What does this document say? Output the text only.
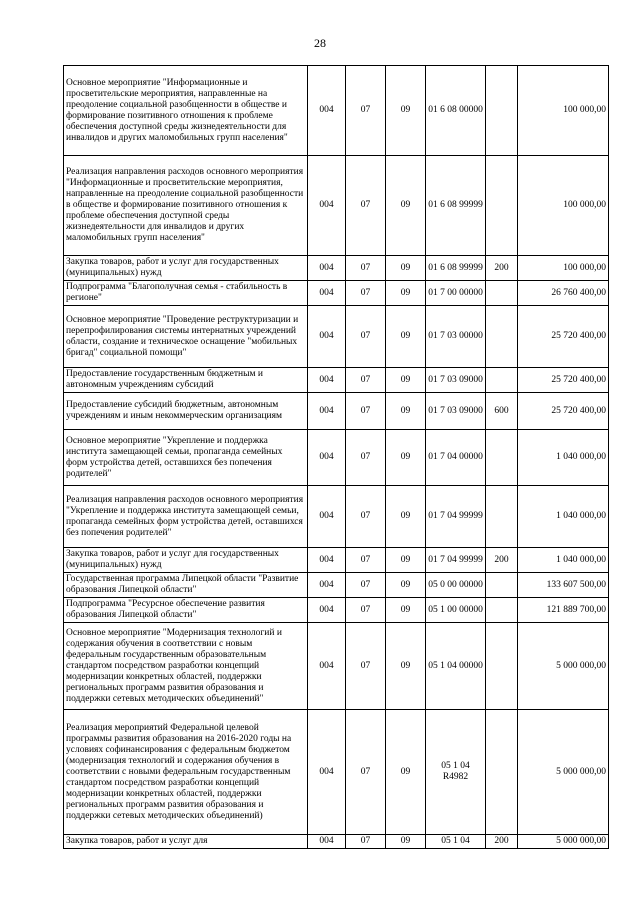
28
Основное мероприятие "Информационные и просветительские мероприятия, направленные на преодоление социальной разобщенности в обществе и формирование позитивного отношения к проблеме обеспечения доступной среды жизнедеятельности для инвалидов и других маломобильных групп населения"	004	07	09	01 6 08 00000		100 000,00
Реализация направления расходов основного мероприятия "Информационные и просветительские мероприятия, направленные на преодоление социальной разобщенности в обществе и формирование позитивного отношения к проблеме обеспечения доступной среды жизнедеятельности для инвалидов и других маломобильных групп населения"	004	07	09	01 6 08 99999		100 000,00
Закупка товаров, работ и услуг для государственных (муниципальных) нужд	004	07	09	01 6 08 99999	200	100 000,00
Подпрограмма "Благополучная семья - стабильность в регионе"	004	07	09	01 7 00 00000		26 760 400,00
Основное мероприятие "Проведение реструктуризации и перепрофилирования системы интернатных учреждений области, создание и техническое оснащение "мобильных бригад" социальной помощи"	004	07	09	01 7 03 00000		25 720 400,00
Предоставление государственным бюджетным и автономным учреждениям субсидий	004	07	09	01 7 03 09000		25 720 400,00
Предоставление субсидий бюджетным, автономным учреждениям и иным некоммерческим организациям	004	07	09	01 7 03 09000	600	25 720 400,00
Основное мероприятие "Укрепление и поддержка института замещающей семьи, пропаганда семейных форм устройства детей, оставшихся без попечения родителей"	004	07	09	01 7 04 00000		1 040 000,00
Реализация направления расходов основного мероприятия "Укрепление и поддержка института замещающей семьи, пропаганда семейных форм устройства детей, оставшихся без попечения родителей"	004	07	09	01 7 04 99999		1 040 000,00
Закупка товаров, работ и услуг для государственных (муниципальных) нужд	004	07	09	01 7 04 99999	200	1 040 000,00
Государственная программа Липецкой области "Развитие образования Липецкой области"	004	07	09	05 0 00 00000		133 607 500,00
Подпрограмма "Ресурсное обеспечение развития образования Липецкой области"	004	07	09	05 1 00 00000		121 889 700,00
Основное мероприятие "Модернизация технологий и содержания обучения в соответствии с новым федеральным государственным образовательным стандартом посредством разработки концепций модернизации конкретных областей, поддержки региональных программ развития образования и поддержки сетевых методических объединений"	004	07	09	05 1 04 00000		5 000 000,00
Реализация мероприятий Федеральной целевой программы развития образования на 2016-2020 годы на условиях софинансирования с федеральным бюджетом (модернизация технологий и содержания обучения в соответствии с новыми федеральным государственным стандартом посредством разработки концепций модернизации конкретных областей, поддержки региональных программ развития образования и поддержки сетевых методических объединений)	004	07	09	05 1 04 R4982		5 000 000,00
Закупка товаров, работ и услуг для	004	07	09	05 1 04	200	5 000 000,00
